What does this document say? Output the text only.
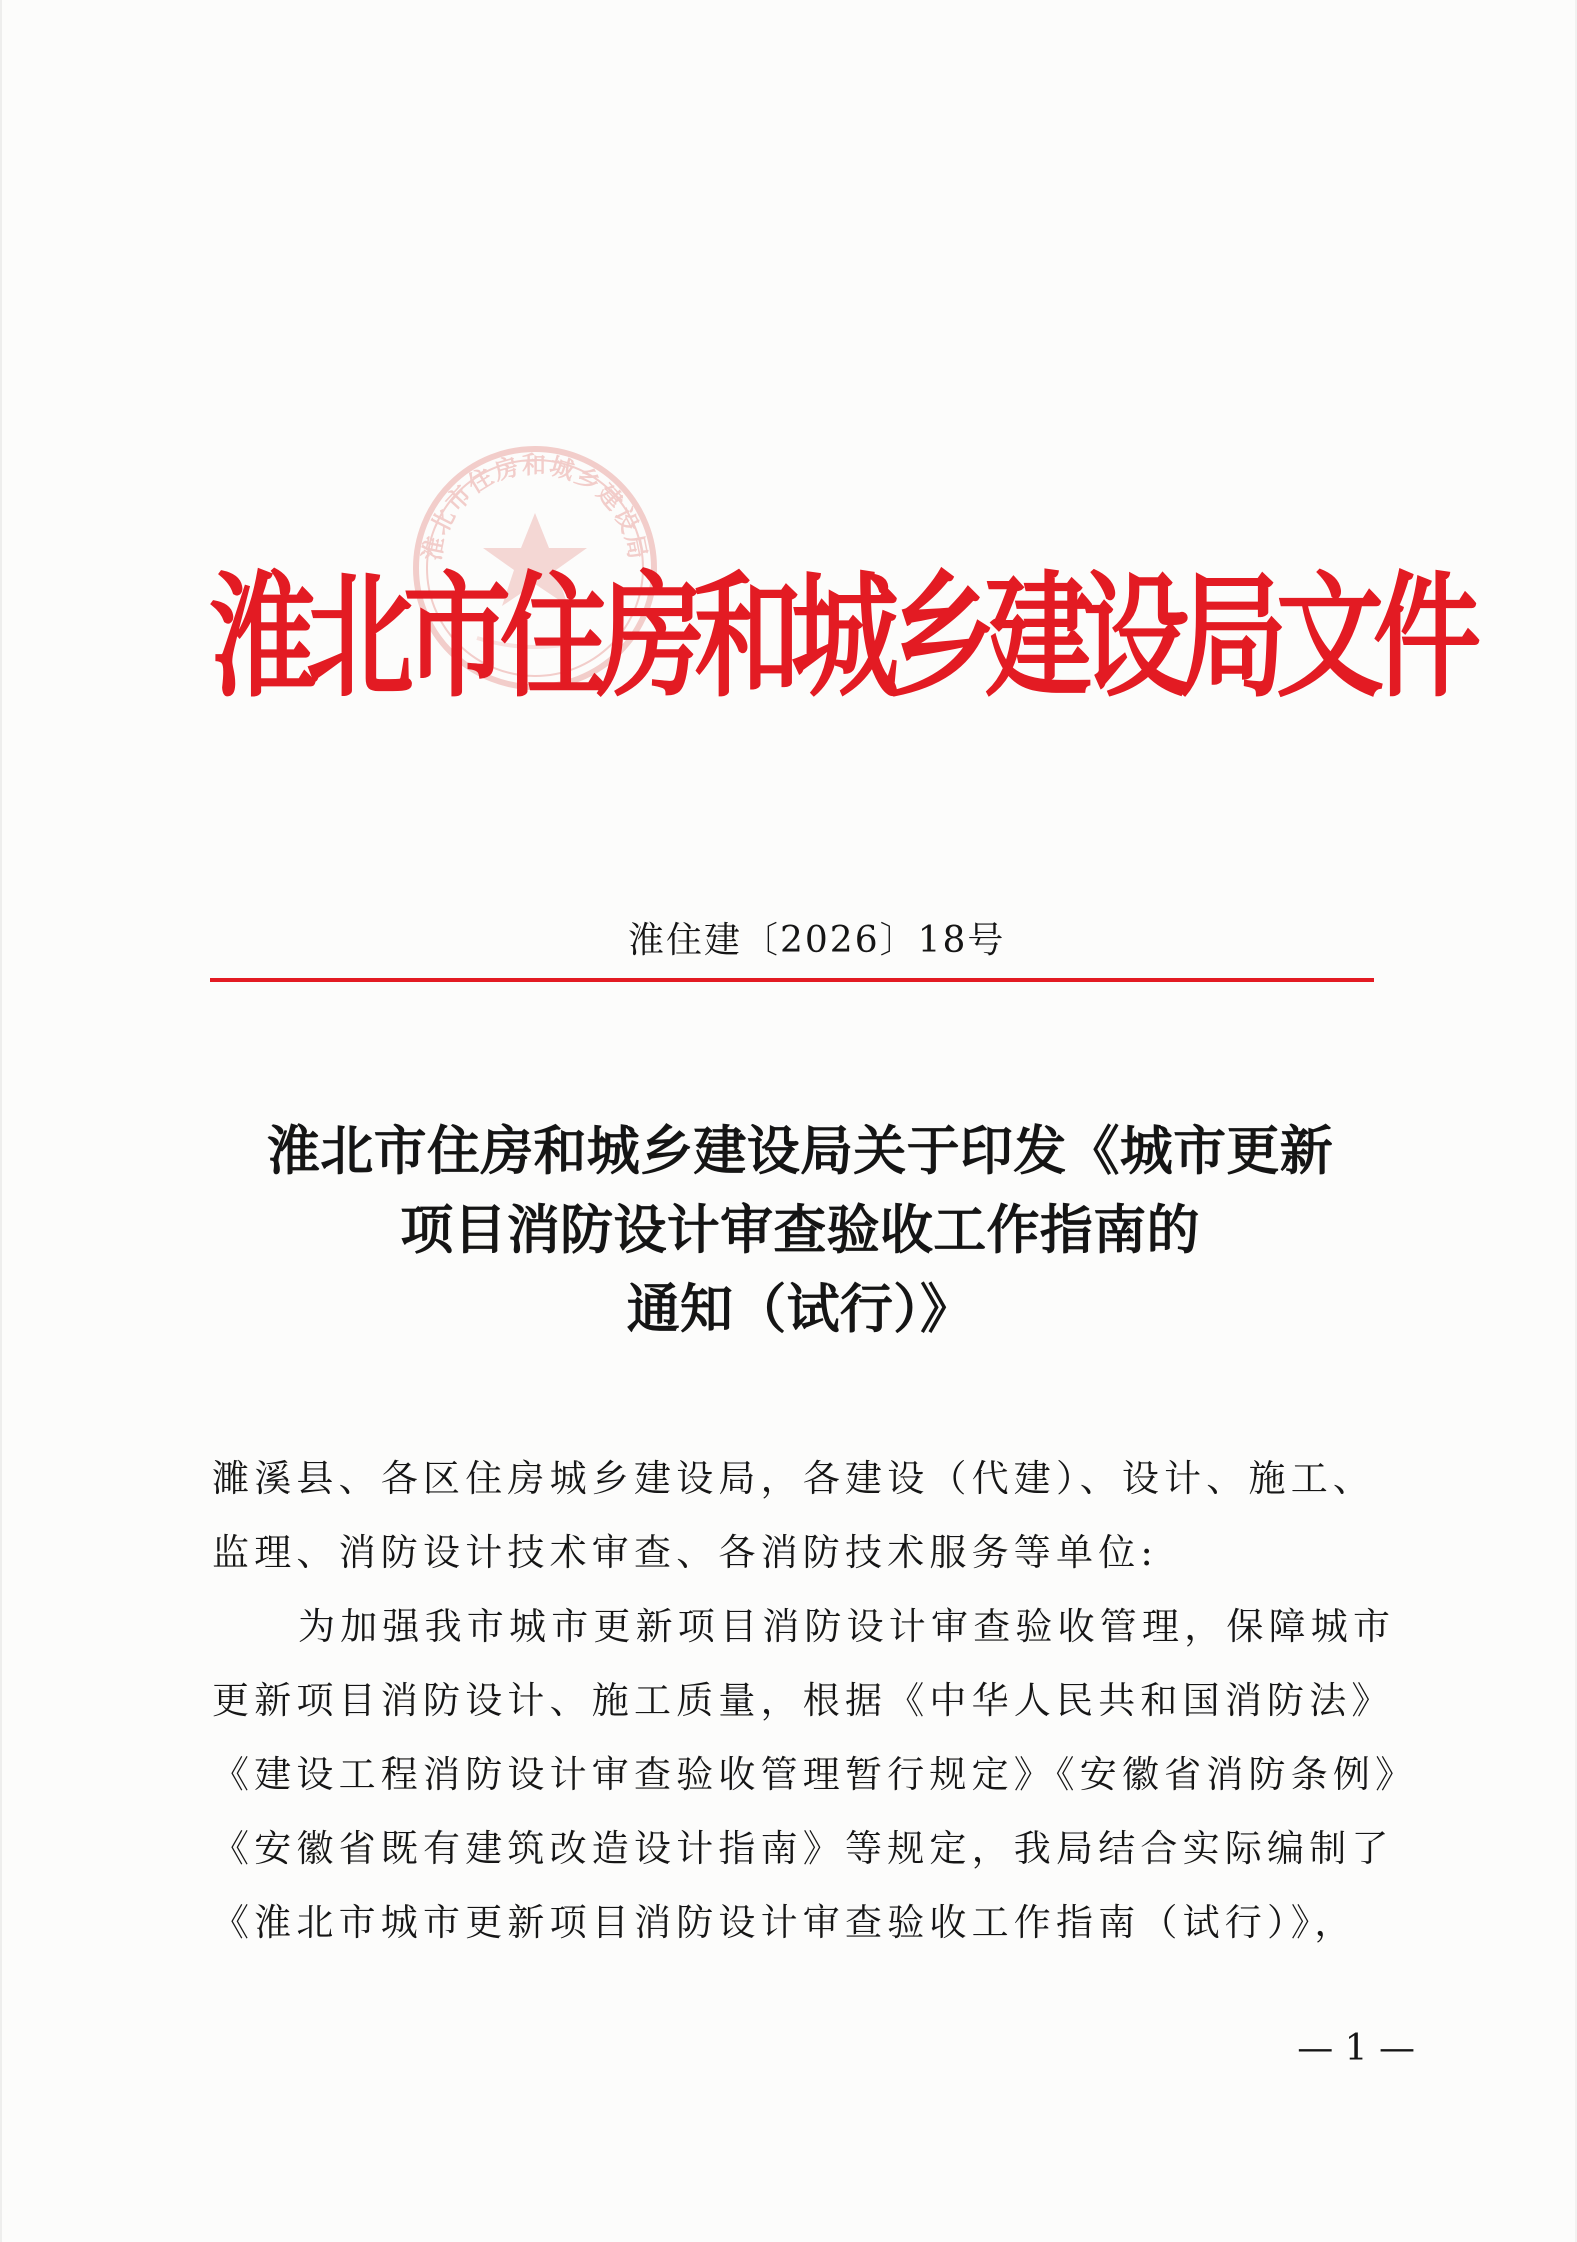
淮北市住房和城乡建设局
淮北市住房和城乡建设局文件
淮住建〔2026〕18号
淮北市住房和城乡建设局关于印发《城市更新
项目消防设计审查验收工作指南的
通知（试行）》
濉溪县、各区住房城乡建设局，各建设（代建）、设计、施工、
监理、消防设计技术审查、各消防技术服务等单位:
为加强我市城市更新项目消防设计审查验收管理，保障城市
更新项目消防设计、施工质量，根据《中华人民共和国消防法》
《建设工程消防设计审查验收管理暂行规定》《安徽省消防条例》
《安徽省既有建筑改造设计指南》等规定，我局结合实际编制了
《淮北市城市更新项目消防设计审查验收工作指南（试行）》，
— 1 —
